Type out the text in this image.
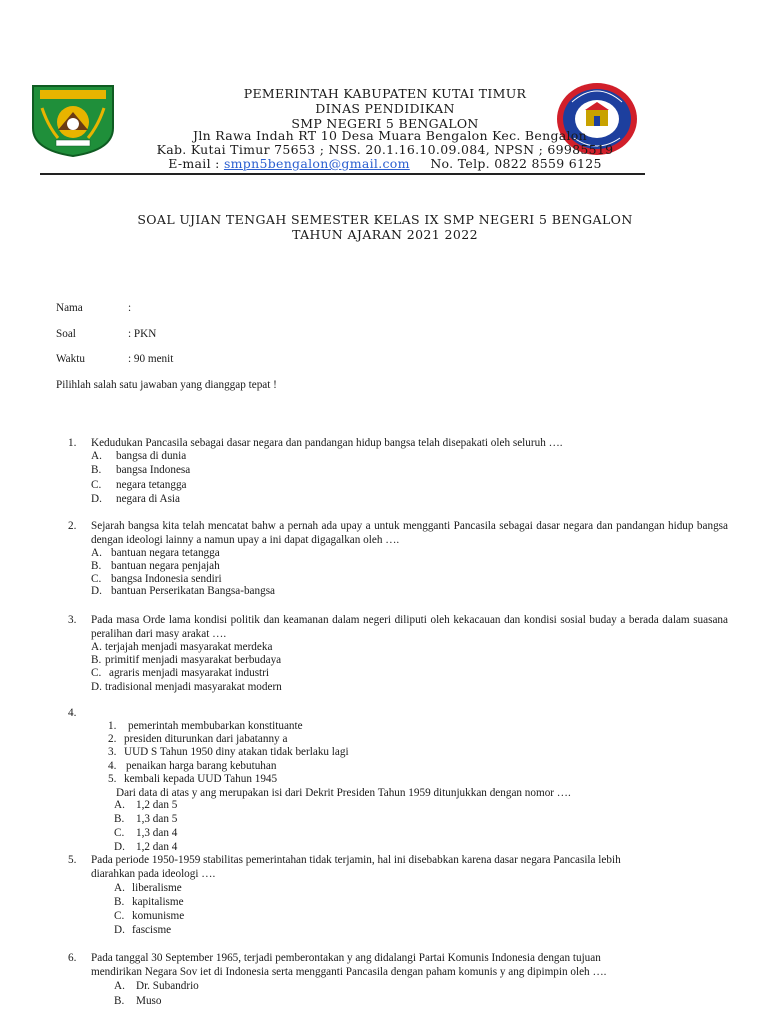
PEMERINTAH KABUPATEN KUTAI TIMUR
DINAS PENDIDIKAN
SMP NEGERI 5 BENGALON
Jln Rawa Indah RT 10 Desa Muara Bengalon Kec. Bengalon
Kab. Kutai Timur 75653 ; NSS. 20.1.16.10.09.084, NPSN ; 69985519
E-mail : smpn5bengalon@gmail.com No. Telp. 0822 8559 6125
SOAL UJIAN TENGAH SEMESTER KELAS IX SMP NEGERI 5 BENGALON
TAHUN AJARAN 2021 2022
Nama	:
Soal	: PKN
Waktu	: 90 menit
Pilihlah salah satu jawaban yang dianggap tepat !
1. Kedudukan Pancasila sebagai dasar negara dan pandangan hidup bangsa telah disepakati oleh seluruh ….
A. bangsa di dunia
B. bangsa Indonesa
C. negara tetangga
D. negara di Asia
2. Sejarah bangsa kita telah mencatat bahw a pernah ada upay a untuk mengganti Pancasila sebagai dasar negara dan pandangan hidup bangsa dengan ideologi lainny a namun upay a ini dapat digagalkan oleh ….
A. bantuan negara tetangga
B. bantuan negara penjajah
C. bangsa Indonesia sendiri
D. bantuan Perserikatan Bangsa-bangsa
3. Pada masa Orde lama kondisi politik dan keamanan dalam negeri diliputi oleh kekacauan dan kondisi sosial buday a berada dalam suasana peralihan dari masy arakat ….
A. terjajah menjadi masyarakat merdeka
B. primitif menjadi masyarakat berbudaya
C. agraris menjadi masyarakat industri
D. tradisional menjadi masyarakat modern
4.
1. pemerintah membubarkan konstituante
2. presiden diturunkan dari jabatanny a
3. UUD S Tahun 1950 diny atakan tidak berlaku lagi
4. penaikan harga barang kebutuhan
5. kembali kepada UUD Tahun 1945
Dari data di atas y ang merupakan isi dari Dekrit Presiden Tahun 1959 ditunjukkan dengan nomor ….
A. 1,2 dan 5
B. 1,3 dan 5
C. 1,3 dan 4
D. 1,2 dan 4
5. Pada periode 1950-1959 stabilitas pemerintahan tidak terjamin, hal ini disebabkan karena dasar negara Pancasila lebih
diarahkan pada ideologi ….
A. liberalisme
B. kapitalisme
C. komunisme
D. fascisme
6. Pada tanggal 30 September 1965, terjadi pemberontakan y ang didalangi Partai Komunis Indonesia dengan tujuan
mendirikan Negara Sov iet di Indonesia serta mengganti Pancasila dengan paham komunis y ang dipimpin oleh ….
A. Dr. Subandrio
B. Muso
